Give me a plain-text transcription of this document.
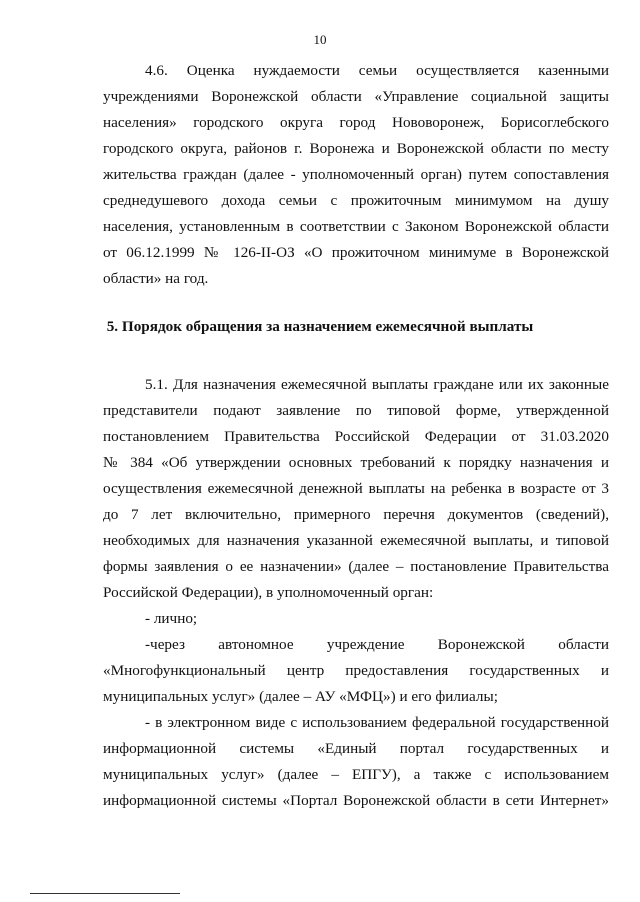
10
4.6. Оценка нуждаемости семьи осуществляется казенными
учреждениями Воронежской области «Управление социальной защиты
населения» городского округа город Нововоронеж, Борисоглебского
городского округа, районов г. Воронежа и Воронежской области по месту
жительства граждан (далее - уполномоченный орган) путем сопоставления
среднедушевого дохода семьи с прожиточным минимумом на душу
населения, установленным в соответствии с Законом Воронежской области
от 06.12.1999 № 126-II-ОЗ «О прожиточном минимуме в Воронежской
области» на год.
5. Порядок обращения за назначением ежемесячной выплаты
5.1. Для назначения ежемесячной выплаты граждане или их законные
представители подают заявление по типовой форме, утвержденной
постановлением Правительства Российской Федерации от 31.03.2020
№ 384 «Об утверждении основных требований к порядку назначения и
осуществления ежемесячной денежной выплаты на ребенка в возрасте от 3
до 7 лет включительно, примерного перечня документов (сведений),
необходимых для назначения указанной ежемесячной выплаты, и типовой
формы заявления о ее назначении» (далее – постановление Правительства
Российской Федерации), в уполномоченный орган:
- лично;
-через автономное учреждение Воронежской области
«Многофункциональный центр предоставления государственных и
муниципальных услуг» (далее – АУ «МФЦ») и его филиалы;
- в электронном виде с использованием федеральной государственной
информационной системы «Единый портал государственных и
муниципальных услуг» (далее – ЕПГУ), а также с использованием
информационной системы «Портал Воронежской области в сети Интернет»
